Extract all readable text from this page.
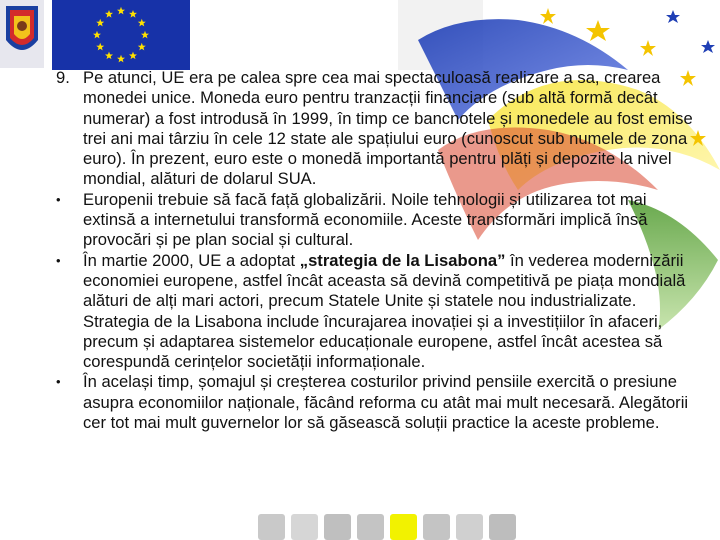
9. Pe atunci, UE era pe calea spre cea mai spectaculoasă realizare a sa, crearea monedei unice. Moneda euro pentru tranzacții financiare (sub altă formă decât numerar) a fost introdusă în 1999, în timp ce bancnotele și monedele au fost emise trei ani mai târziu în cele 12 state ale spațiului euro (cunoscut sub numele de zona euro). În prezent, euro este o monedă importantă pentru plăți și depozite la nivel mondial, alături de dolarul SUA.

• Europenii trebuie să facă față globalizării. Noile tehnologii și utilizarea tot mai extinsă a internetului transformă economiile. Aceste transformări implică însă provocări și pe plan social și cultural.

• În martie 2000, UE a adoptat „strategia de la Lisabona” în vederea modernizării economiei europene, astfel încât aceasta să devină competitivă pe piața mondială alături de alți mari actori, precum Statele Unite și statele nou industrializate. Strategia de la Lisabona include încurajarea inovației și a investițiilor în afaceri, precum și adaptarea sistemelor educaționale europene, astfel încât acestea să corespundă cerințelor societății informaționale.

• În același timp, șomajul și creșterea costurilor privind pensiile exercită o presiune asupra economiilor naționale, făcând reforma cu atât mai mult necesară. Alegătorii cer tot mai mult guvernelor lor să găsească soluții practice la aceste probleme.
